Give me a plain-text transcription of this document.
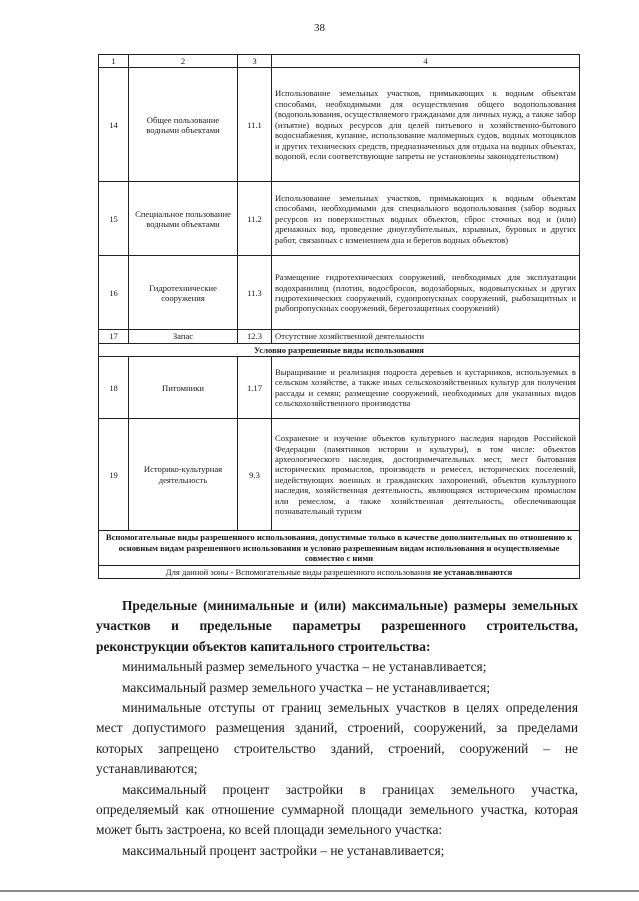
38
1	2	3	4
14	Общее пользование водными объектами	11.1	Использование земельных участков, примыкающих к водным объектам способами, необходимыми для осуществления общего водопользования (водопользования, осуществляемого гражданами для личных нужд, а также забор (изъятие) водных ресурсов для целей питьевого и хозяйственно-бытового водоснабжения, купание, использование маломерных судов, водных мотоциклов и других технических средств, предназначенных для отдыха на водных объектах, водопой, если соответствующие запреты не установлены законодательством)
15	Специальное пользование водными объектами	11.2	Использование земельных участков, примыкающих к водным объектам способами, необходимыми для специального водопользования (забор водных ресурсов из поверхностных водных объектов, сброс сточных вод и (или) дренажных вод, проведение дноуглубительных, взрывных, буровых и других работ, связанных с изменением дна и берегов водных объектов)
16	Гидротехнические сооружения	11.3	Размещение гидротехнических сооружений, необходимых для эксплуатации водохранилищ (плотин, водосбросов, водозаборных, водовыпускных и других гидротехнических сооружений, судопропускных сооружений, рыбозащитных и рыбопропускных сооружений, берегозащитных сооружений)
17	Запас	12.3	Отсутствие хозяйственной деятельности
Условно разрешенные виды использования			
18	Питомники	1.17	Выращивание и реализация подроста деревьев и кустарников, используемых в сельском хозяйстве, а также иных сельскохозяйственных культур для получения рассады и семян; размещение сооружений, необходимых для указанных видов сельскохозяйственного производства
19	Историко-культурная деятельность	9.3	Сохранение и изучение объектов культурного наследия народов Российской Федерации (памятников истории и культуры), в том числе: объектов археологического наследия, достопримечательных мест, мест бытования исторических промыслов, производств и ремесел, исторических поселений, недействующих военных и гражданских захоронений, объектов культурного наследия, хозяйственная деятельность, являющаяся историческим промыслом или ремеслом, а также хозяйственная деятельность, обеспечивающая познавательный туризм
Вспомогательные виды разрешенного использования, допустимые только в качестве дополнительных по отношению к основным видам разрешенного использования и условно разрешенным видам использования и осуществляемые совместно с ними			
Для данной зоны - Вспомогательные виды разрешенного использования не устанавливаются			

Предельные (минимальные и (или) максимальные) размеры земельных участков и предельные параметры разрешенного строительства, реконструкции объектов капитального строительства:

минимальный размер земельного участка – не устанавливается;

максимальный размер земельного участка – не устанавливается;

минимальные отступы от границ земельных участков в целях определения мест допустимого размещения зданий, строений, сооружений, за пределами которых запрещено строительство зданий, строений, сооружений – не устанавливаются;

максимальный процент застройки в границах земельного участка, определяемый как отношение суммарной площади земельного участка, которая может быть застроена, ко всей площади земельного участка:

максимальный процент застройки – не устанавливается;
